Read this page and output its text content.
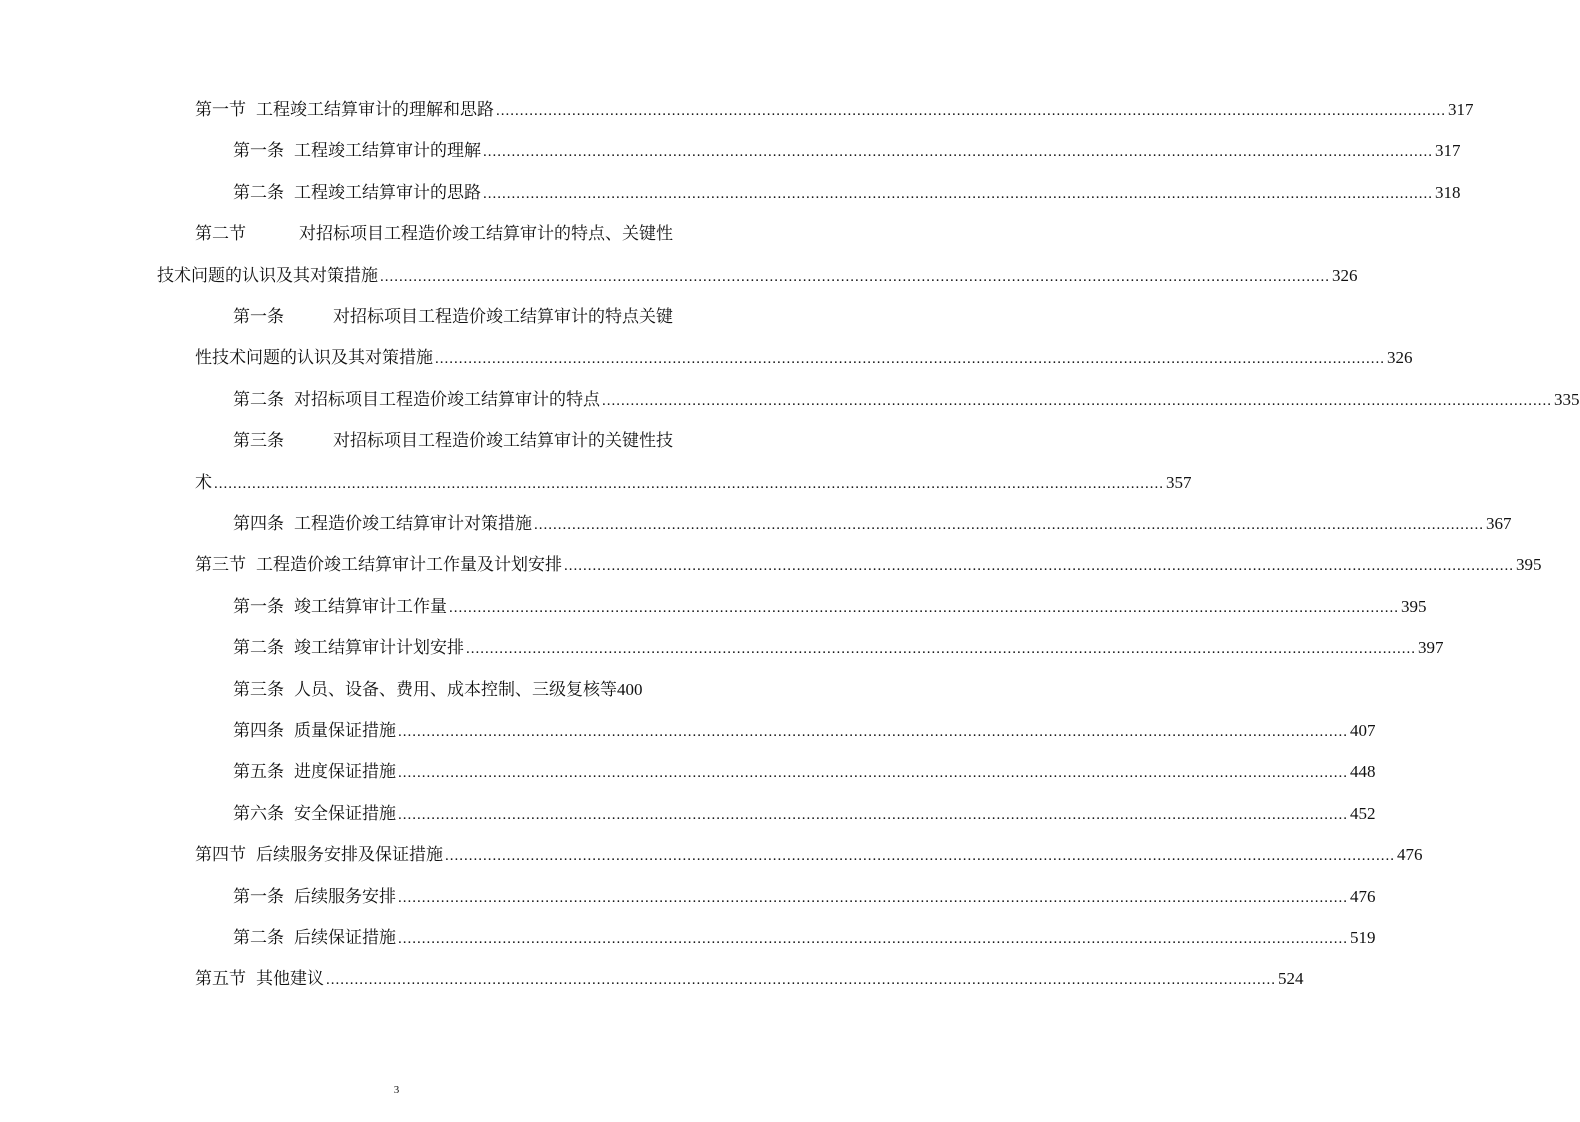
第一节 工程竣工结算审计的理解和思路 ........................................................................................................................................................................................................ 317
第一条 工程竣工结算审计的理解 ........................................................................................................................................................................................................ 317
第二条 工程竣工结算审计的思路 ........................................................................................................................................................................................................ 318
第二节	对招标项目工程造价竣工结算审计的特点、关键性
技术问题的认识及其对策措施 ........................................................................................................................................................................................................ 326
第一条	对招标项目工程造价竣工结算审计的特点关键
性技术问题的认识及其对策措施 ........................................................................................................................................................................................................ 326
第二条 对招标项目工程造价竣工结算审计的特点 ........................................................................................................................................................................................................ 335
第三条	对招标项目工程造价竣工结算审计的关键性技
术 ........................................................................................................................................................................................................ 357
第四条 工程造价竣工结算审计对策措施 ........................................................................................................................................................................................................ 367
第三节 工程造价竣工结算审计工作量及计划安排 ........................................................................................................................................................................................................ 395
第一条 竣工结算审计工作量 ........................................................................................................................................................................................................ 395
第二条 竣工结算审计计划安排 ........................................................................................................................................................................................................ 397
第三条 人员、设备、费用、成本控制、三级复核等 400
第四条 质量保证措施 ........................................................................................................................................................................................................ 407
第五条 进度保证措施 ........................................................................................................................................................................................................ 448
第六条 安全保证措施 ........................................................................................................................................................................................................ 452
第四节 后续服务安排及保证措施 ........................................................................................................................................................................................................ 476
第一条 后续服务安排 ........................................................................................................................................................................................................ 476
第二条 后续保证措施 ........................................................................................................................................................................................................ 519
第五节 其他建议 ........................................................................................................................................................................................................ 524
3
